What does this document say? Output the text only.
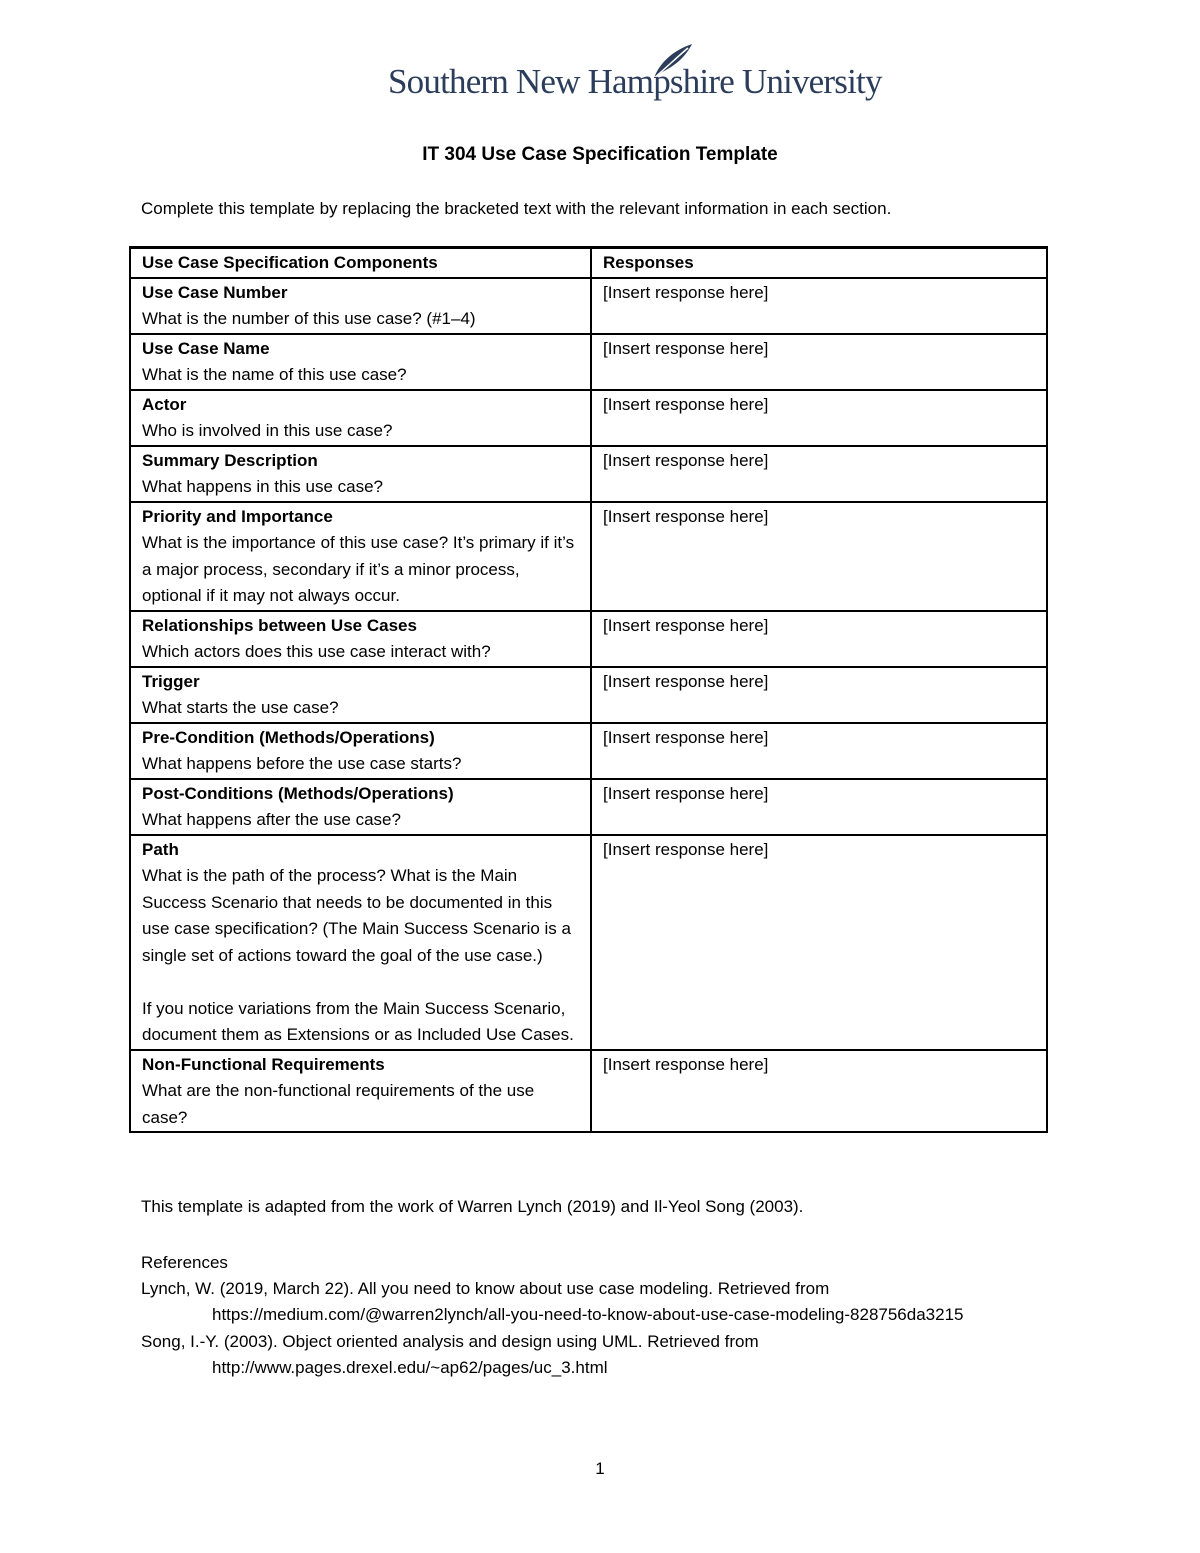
Southern New Hampshire University
IT 304 Use Case Specification Template
Complete this template by replacing the bracketed text with the relevant information in each section.
Use Case Specification Components	Responses

Use Case Number
What is the number of this use case? (#1–4)	[Insert response here]

Use Case Name
What is the name of this use case?	[Insert response here]

Actor
Who is involved in this use case?	[Insert response here]

Summary Description
What happens in this use case?	[Insert response here]

Priority and Importance
What is the importance of this use case? It’s primary if it’s a major process, secondary if it’s a minor process, optional if it may not always occur.	[Insert response here]

Relationships between Use Cases
Which actors does this use case interact with?	[Insert response here]

Trigger
What starts the use case?	[Insert response here]

Pre-Condition (Methods/Operations)
What happens before the use case starts?	[Insert response here]

Post-Conditions (Methods/Operations)
What happens after the use case?	[Insert response here]

Path
What is the path of the process? What is the Main Success Scenario that needs to be documented in this use case specification? (The Main Success Scenario is a single set of actions toward the goal of the use case.)

If you notice variations from the Main Success Scenario, document them as Extensions or as Included Use Cases.	[Insert response here]

Non-Functional Requirements
What are the non-functional requirements of the use case?	[Insert response here]
This template is adapted from the work of Warren Lynch (2019) and Il-Yeol Song (2003).
References
Lynch, W. (2019, March 22). All you need to know about use case modeling. Retrieved from
https://medium.com/@warren2lynch/all-you-need-to-know-about-use-case-modeling-828756da3215
Song, I.-Y. (2003). Object oriented analysis and design using UML. Retrieved from
http://www.pages.drexel.edu/~ap62/pages/uc_3.html
1
